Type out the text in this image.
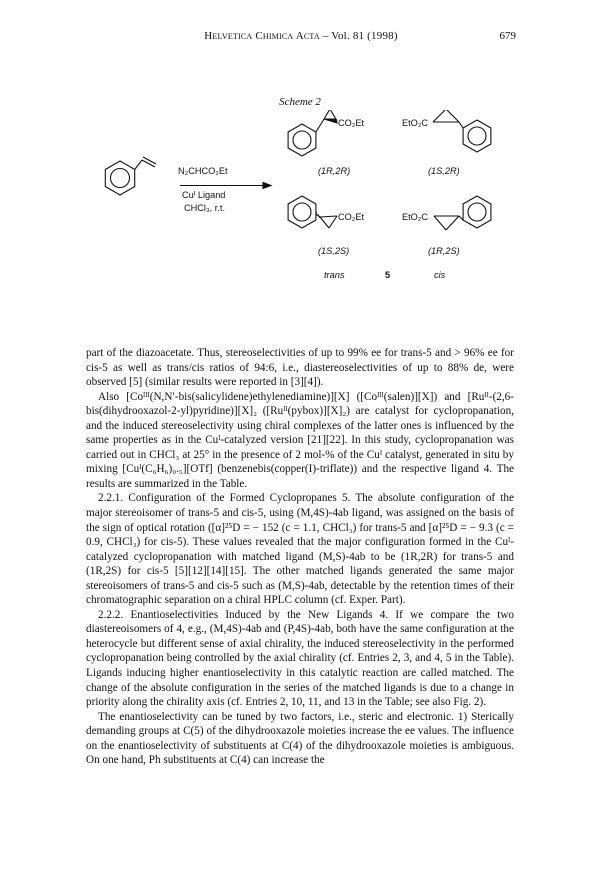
Helvetica Chimica Acta – Vol. 81 (1998)	679
Scheme 2
N₂CHCO₂Et
Cuᴵ Ligand
CHCl₃, r.t.
CO₂Et	EtO₂C
CO₂Et	EtO₂C
(1R,2R)	(1S,2R)
(1S,2S)	(1R,2S)
trans	5	cis

part of the diazoacetate. Thus, stereoselectivities of up to 99% ee for trans-5 and > 96% ee for cis-5 as well as trans/cis ratios of 94:6, i.e., diastereoselectivities of up to 88% de, were observed [5] (similar results were reported in [3][4]).

Also [Coᴵᴵᴵ(N,N′-bis(salicylidene)ethylenediamine)][X] ([Coᴵᴵᴵ(salen)][X]) and [Ruᴵᴵ-(2,6-bis(dihydrooxazol-2-yl)pyridine)][X]₂ ([Ruᴵᴵ(pybox)][X]₂) are catalyst for cyclopropanation, and the induced stereoselectivity using chiral complexes of the latter ones is influenced by the same properties as in the Cuᴵ-catalyzed version [21][22]. In this study, cyclopropanation was carried out in CHCl₃ at 25° in the presence of 2 mol-% of the Cuᴵ catalyst, generated in situ by mixing [Cuᴵ(C₆H₆)₀.₅][OTf] (benzenebis(copper(I)-triflate)) and the respective ligand 4. The results are summarized in the Table.

2.2.1. Configuration of the Formed Cyclopropanes 5. The absolute configuration of the major stereoisomer of trans-5 and cis-5, using (M,4S)-4ab ligand, was assigned on the basis of the sign of optical rotation ([α]²⁵D = − 152 (c = 1.1, CHCl₃) for trans-5 and [α]²⁵D = − 9.3 (c = 0.9, CHCl₃) for cis-5). These values revealed that the major configuration formed in the Cuᴵ-catalyzed cyclopropanation with matched ligand (M,S)-4ab to be (1R,2R) for trans-5 and (1R,2S) for cis-5 [5][12][14][15]. The other matched ligands generated the same major stereoisomers of trans-5 and cis-5 such as (M,S)-4ab, detectable by the retention times of their chromatographic separation on a chiral HPLC column (cf. Exper. Part).

2.2.2. Enantioselectivities Induced by the New Ligands 4. If we compare the two diastereoisomers of 4, e.g., (M,4S)-4ab and (P,4S)-4ab, both have the same configuration at the heterocycle but different sense of axial chirality, the induced stereoselectivity in the performed cyclopropanation being controlled by the axial chirality (cf. Entries 2, 3, and 4, 5 in the Table). Ligands inducing higher enantioselectivity in this catalytic reaction are called matched. The change of the absolute configuration in the series of the matched ligands is due to a change in priority along the chirality axis (cf. Entries 2, 10, 11, and 13 in the Table; see also Fig. 2).

The enantioselectivity can be tuned by two factors, i.e., steric and electronic. 1) Sterically demanding groups at C(5) of the dihydrooxazole moieties increase the ee values. The influence on the enantioselectivity of substituents at C(4) of the dihydrooxazole moieties is ambiguous. On one hand, Ph substituents at C(4) can increase the
